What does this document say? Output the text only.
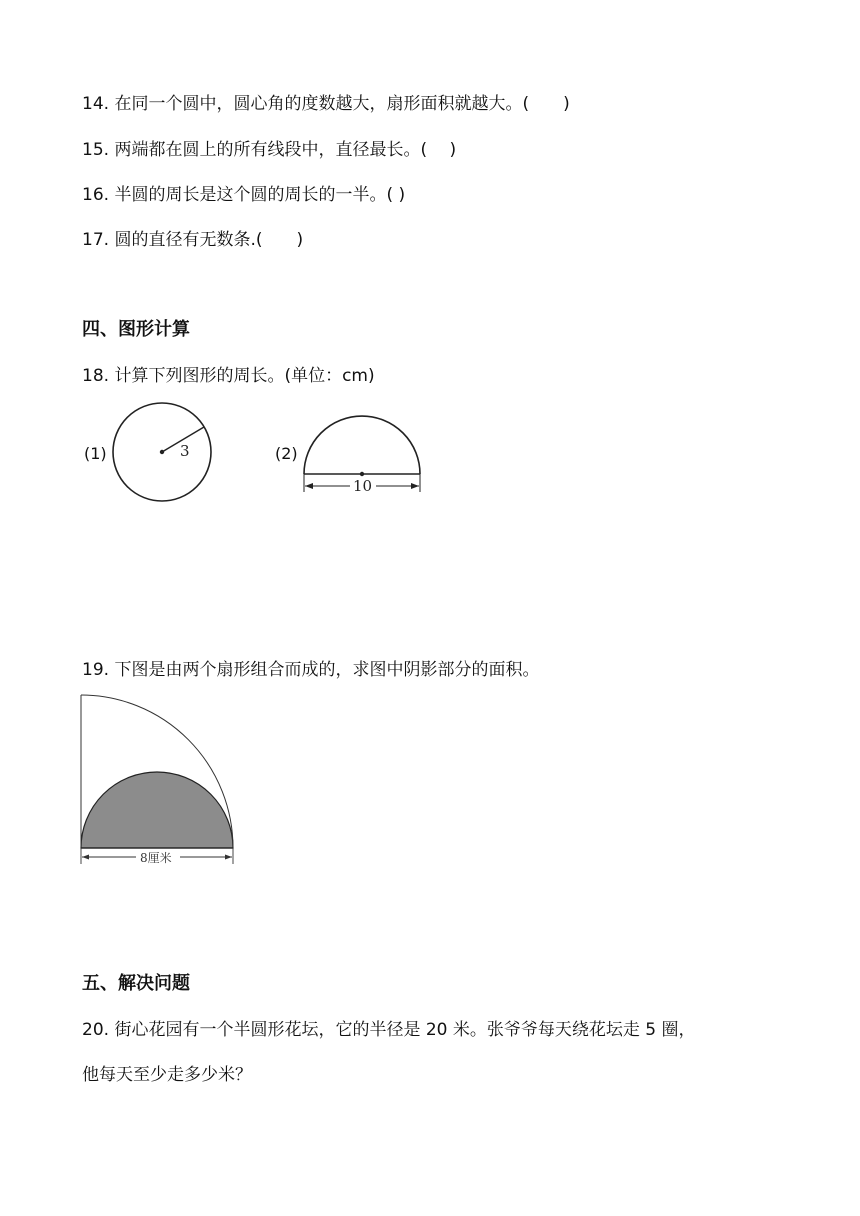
14. 在同一个圆中，圆心角的度数越大，扇形面积就越大。(　　)
15. 两端都在圆上的所有线段中，直径最长。(　 )
16. 半圆的周长是这个圆的周长的一半。( )
17. 圆的直径有无数条.(　　)
四、图形计算
18. 计算下列图形的周长。(单位：cm)
(1)	3	(2)
10
19. 下图是由两个扇形组合而成的，求图中阴影部分的面积。
8厘米
五、解决问题
20. 街心花园有一个半圆形花坛，它的半径是 20 米。张爷爷每天绕花坛走 5 圈，
他每天至少走多少米？
